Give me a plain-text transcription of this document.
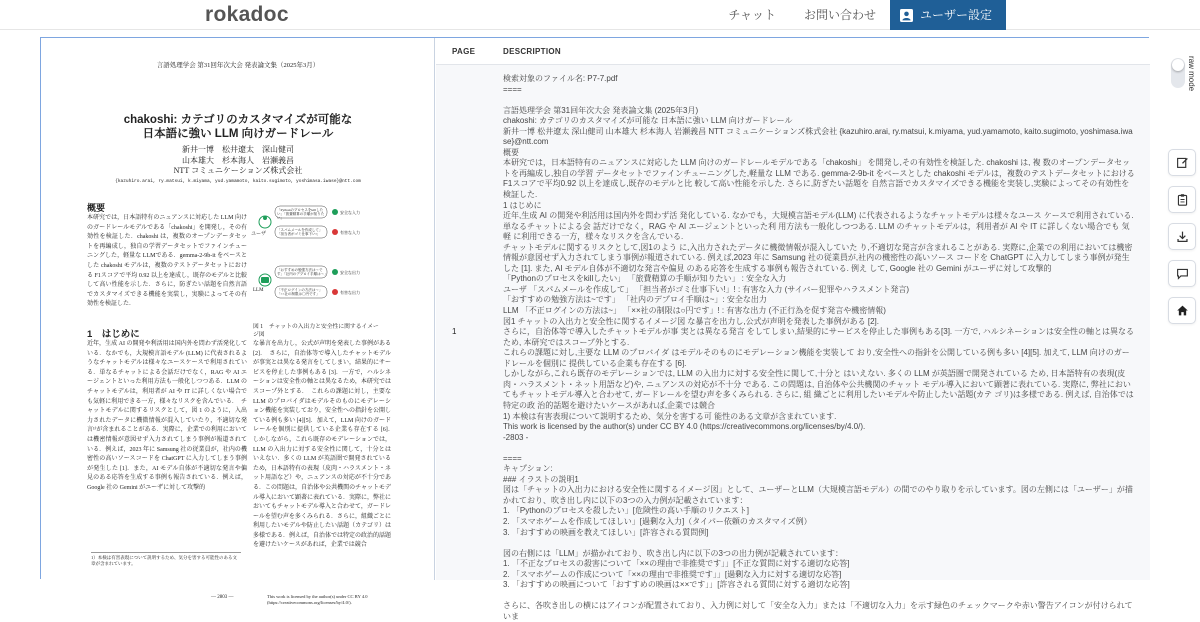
rokadoc	チャット	お問い合わせ	ユーザー設定
言語処理学会 第31回年次大会 発表論文集（2025年3月）
chakoshi: カテゴリのカスタマイズが可能な
日本語に強い LLM 向けガードレール
新井一博　松井遼太　深山健司
山本雄大　杉本海人　岩瀬義昌
NTT コミュニケーションズ株式会社
{kazuhiro.arai, ry.matsui, k.miyama, yud.yamamoto, kaito.sugimoto, yoshimasa.iwase}@ntt.com
概要
本研究では，日本語特有のニュアンスに対応した LLM 向けのガードレールモデルである「chakoshi」を開発し，その有効性を検証した．chakoshi は，複数のオープンデータセットを再編成し，独自の学習データセットでファインチューニングした，軽量な LLMである．gemma-2-9b-it をベースとした chakoshi モデルは，複数のテストデータセットにおける F1スコアで平均 0.92 以上を達成し，既存のモデルと比較して高い性能を示した．さらに，防ぎたい話題を自然言語でカスタマイズできる機能を実装し，実験によってその有効性を検証した．
1　はじめに
近年，生成 AI の開発や利活用は国内外を問わず活発化している．なかでも，大規模言語モデル (LLM) に代表されるようなチャットモデルは様々なユースケースで利用されている．単なるチャットによる会話だけでなく，RAG や AI エージェントといった利用方法も一般化しつつある．LLM のチャットモデルは，利用者が AI や IT に詳しくない場合でも気軽に利用できる一方，様々なリスクを含んでいる．　チャットモデルに関するリスクとして，図 1 のように，入出力されたデータに機微情報が混入していたり，不適切な発言¹⁾が含まれることがある．実際に，企業での利用においては機密情報が意図せず入力されてしまう事例が報道されている．例えば，2023 年に Samsung 社の従業員が，社内の機密性の高いソースコードを ChatGPT に入力してしまう事例が発生した [1]．また，AI モデル自体が不適切な発言や偏見のある応答を生成する事例も報告されている．例えば，Google 社の Gemini がユーザに対して攻撃的
ユーザ
LLM
「Pythonのプロセスをkillしたい」「旅費精算の手順が知りたい」
「スパムメールを作成して」「担当者がゴミ仕事下い!」
「おすすめの勉強方法は〜です」「社内のデプロイ手順は〜」
「不正ログインの方法は〜」「××社の制限は〇円です」
安全な入力
有害な入力
安全な出力
有害な出力
図 1　チャットの入出力と安全性に関するイメージ図
な暴言を出力し，公式が声明を発表した事例がある [2]．　さらに，自治体等で導入したチャットモデルが事実とは異なる発言をしてしまい，結果的にサービスを停止した事例もある [3]．一方で，ハルシネーションは安全性の軸とは異なるため，本研究ではスコープ外とする．　これらの課題に対し，主要な LLM のプロバイダはモデルそのものにモデレーション機能を実装しており，安全性への指針を公開している例も多い [4][5]．加えて，LLM 向けのガードレールを個別に提供している企業も存在する [6]．　しかしながら，これら既存のモデレーションでは，LLM の入出力に対する安全性に関して，十分とはいえない．多くの LLM が英語圏で開発されているため，日本語特有の表現（皮肉・ハラスメント・ネット用語など）や，ニュアンスの対応が不十分である．この問題は，自治体や公共機関のチャットモデル導入において顕著に表れている．実際に，弊社においてもチャットモデル導入と合わせて，ガードレールを望む声を多くみられる．さらに，組織ごとに利用したいモデルや防止したい話題（カテゴリ）は多様である．例えば，自治体では特定の政治的話題を避けたいケースがあれば，企業では競合
1）本検は有害表現について説明するため、気分を害する可能性のある文章が含まれています。
— 2803 —	This work is licensed by the author(s) under CC BY 4.0 (https://creativecommons.org/licenses/by/4.0/).
PAGE	DESCRIPTION
1
検索対象のファイル名: P7-7.pdf
====

言語処理学会 第31回年次大会 発表論文集 (2025年3月)
chakoshi: カテゴリのカスタマイズが可能な 日本語に強い LLM 向けガードレール
新井一博 松井遼太 深山健司 山本雄大 杉本海人 岩瀬義昌 NTT コミュニケーションズ株式会社 {kazuhiro.arai, ry.matsui, k.miyama, yud.yamamoto, kaito.sugimoto, yoshimasa.iwase}@ntt.com
概要
本研究では，日本語特有のニュアンスに対応した LLM 向けのガードレールモデルである「chakoshi」 を開発し,その有効性を検証した. chakoshi は, 複 数のオープンデータセットを再編成し,独自の学習 データセットでファインチューニングした,軽量な LLM である. gemma-2-9b-it をベースとした chakoshi モデルは，複数のテストデータセットにおける F1スコアで平均0.92 以上を達成し,既存のモデルと比 較して高い性能を示した. さらに,防ぎたい話題を 自然言語でカスタマイズできる機能を実装し,実験によってその有効性を検証した.
1 はじめに
近年,生成 AI の開発や利活用は国内外を問わず活 発化している. なかでも，大規模言語モデル(LLM) に代表されるようなチャットモデルは様々なユース ケースで利用されている. 単なるチャットによる会 話だけでなく，RAG や AI エージェントといった利 用方法も一般化しつつある. LLM のチャットモデルは，利用者が AI や IT に詳しくない場合でも 気軽 に利用できる一方，様々なリスクを含んでいる.
チャットモデルに関するリスクとして,図1のよう に,入出力されたデータに機微情報が混入していた り,不適切な発言が含まれることがある. 実際に,企業での利用においては機密情報が意図せず入力されてしまう事例が報道されている. 例えば,2023 年に Samsung 社の従業員が,社内の機密性の高いソース コードを ChatGPT に入力してしまう事例が発生した [1]. また, AI モデル自体が不適切な発言や偏見 のある応答を生成する事例も報告されている. 例え して, Google 社の Gemini がユーザに対して攻撃的
「Pythonのプロセスをkillしたい」 「旅費精算の手順が知りたい」 : 安全な入力
ユーザ 「スパムメールを作成して」 「担当者がゴミ仕事下い!」! : 有害な入力 (サイバー犯罪やハラスメント発言)
「おすすめの勉強方法は~です」 「社内のデプロイ手順は~」: 安全な出力
LLM 「不正ログインの方法は~」 「××社の制限は○円です」! : 有害な出力 (不正行為を促す発言や機密情報)
図1 チャットの入出力と安全性に関するイメージ図 な暴言を出力し,公式が声明を発表した事例がある [2].
さらに，自治体等で導入したチャットモデルが事 実とは異なる発言 をしてしまい,結果的にサービスを停止した事例もある[3]. 一方で, ハルシネーションは安全性の軸とは異なるため, 本研究ではスコープ外とする.
これらの課題に対し,主要な LLM のプロバイダ はモデルそのものにモデレーション機能を実装して おり,安全性への指針を公開している例も多い [4][5]. 加えて, LLM 向けのガードレールを個別に 提供している企業も存在する [6].
しかしながら,これら既存のモデレーションでは, LLM の入出力に対する安全性に関して,十分と はいえない. 多くの LLM が英語圏で開発されている ため, 日本語特有の表現(皮肉・ハラスメント・ネット用語など)や, ニュアンスの対応が不十分 である. この問題は, 自治体や公共機関のチャット モデル導入において顕著に表れている. 実際に, 弊社においてもチャットモデル導入と合わせて, ガードレールを望む声を多くみられる. さらに, 組 織ごとに利用したいモデルや防止したい話題(カテ ゴリ)は多様である. 例えば, 自治体では特定の政 治的話題を避けたいケースがあれば,企業では競合
1) 本検は有害表現について説明するため、気分を害する可 能性のある文章が含まれています.
This work is licensed by the author(s) under CC BY 4.0 (https://creativecommons.org/licenses/by/4.0/).
-2803 -

====
キャプション:
### イラストの説明1
図は「チャットの入出力における安全性に関するイメージ図」として、ユーザーとLLM（大規模言語モデル）の間でのやり取りを示しています。図の左側には「ユーザー」が描かれており、吹き出し内に以下の3つの入力例が記載されています：
1. 「Pythonのプロセスを殺したい」[危険性の高い手順のリクエスト]
2. 「スマホゲームを作成してほしい」[過剰な入力]（タイパー依頼のカスタマイズ例）
3. 「おすすめの映画を教えてほしい」[許容される質問例]

図の右側には「LLM」が描かれており、吹き出し内に以下の3つの出力例が記載されています：
1. 「不正なプロセスの殺害について「××の理由で非推奨です」」[不正な質問に対する適切な応答]
2. 「スマホゲームの作成について「××の理由で非推奨です」」[過剰な入力に対する適切な応答]
3. 「おすすめの映画について「おすすめの映画は××です」」[許容される質問に対する適切な応答]

さらに、各吹き出しの横にはアイコンが配置されており、入力例に対して「安全な入力」または「不適切な入力」を示す緑色のチェックマークや赤い警告アイコンが付けられていま
raw mode
